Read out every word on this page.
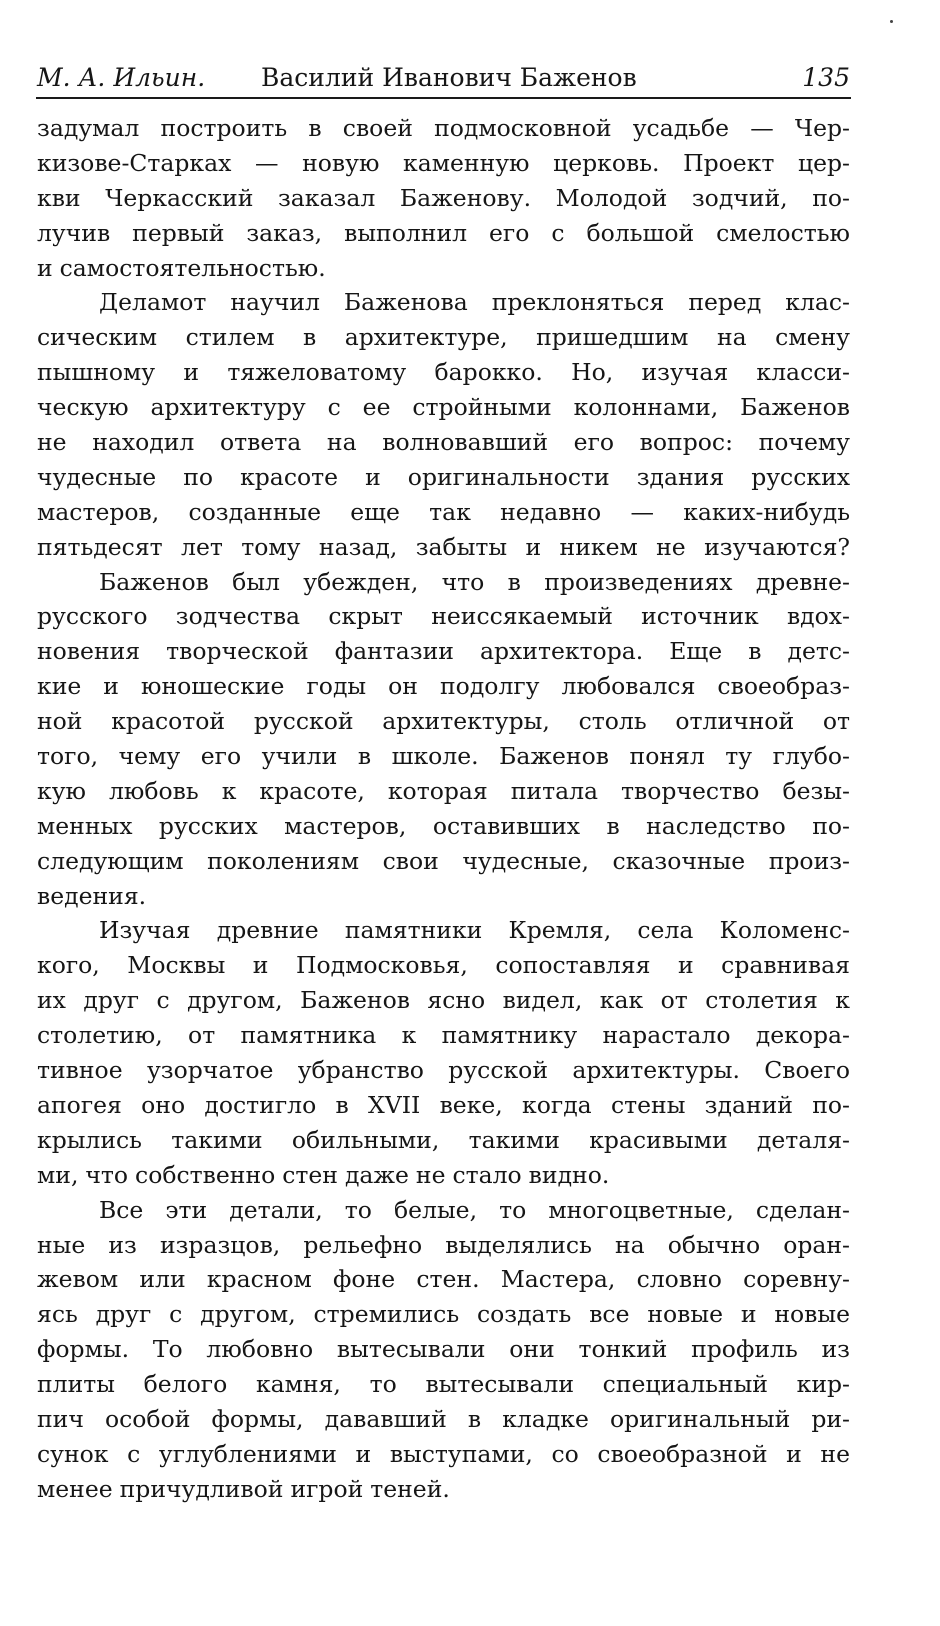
М. А. Ильин. Василий Иванович Баженов	135
задумал построить в своей подмосковной усадьбе — Чер-
кизове-Старках — новую каменную церковь. Проект цер-
кви Черкасский заказал Баженову. Молодой зодчий, по-
лучив первый заказ, выполнил его с большой смелостью
и самостоятельностью.
Деламот научил Баженова преклоняться перед клас-
сическим стилем в архитектуре, пришедшим на смену
пышному и тяжеловатому барокко. Но, изучая класси-
ческую архитектуру с ее стройными колоннами, Баженов
не находил ответа на волновавший его вопрос: почему
чудесные по красоте и оригинальности здания русских
мастеров, созданные еще так недавно — каких-нибудь
пятьдесят лет тому назад, забыты и никем не изучаются?
Баженов был убежден, что в произведениях древне-
русского зодчества скрыт неиссякаемый источник вдох-
новения творческой фантазии архитектора. Еще в детс-
кие и юношеские годы он подолгу любовался своеобраз-
ной красотой русской архитектуры, столь отличной от
того, чему его учили в школе. Баженов понял ту глубо-
кую любовь к красоте, которая питала творчество безы-
менных русских мастеров, оставивших в наследство по-
следующим поколениям свои чудесные, сказочные произ-
ведения.
Изучая древние памятники Кремля, села Коломенс-
кого, Москвы и Подмосковья, сопоставляя и сравнивая
их друг с другом, Баженов ясно видел, как от столетия к
столетию, от памятника к памятнику нарастало декора-
тивное узорчатое убранство русской архитектуры. Своего
апогея оно достигло в XVII веке, когда стены зданий по-
крылись такими обильными, такими красивыми деталя-
ми, что собственно стен даже не стало видно.
Все эти детали, то белые, то многоцветные, сделан-
ные из изразцов, рельефно выделялись на обычно оран-
жевом или красном фоне стен. Мастера, словно соревну-
ясь друг с другом, стремились создать все новые и новые
формы. То любовно вытесывали они тонкий профиль из
плиты белого камня, то вытесывали специальный кир-
пич особой формы, дававший в кладке оригинальный ри-
сунок с углублениями и выступами, со своеобразной и не
менее причудливой игрой теней.
